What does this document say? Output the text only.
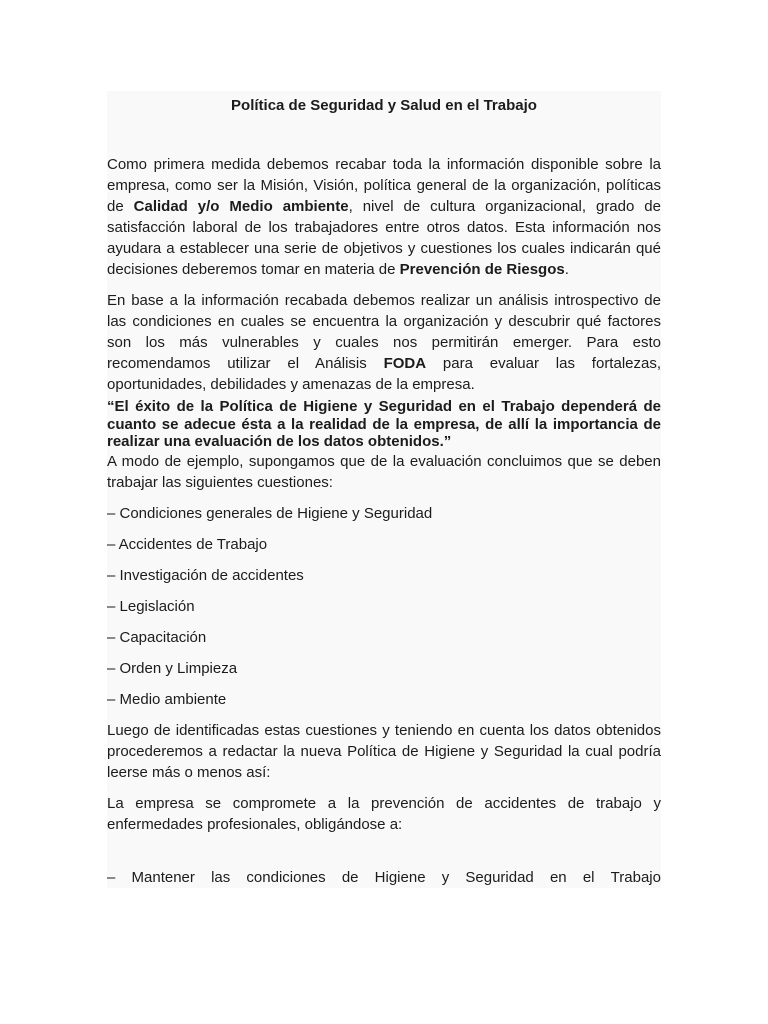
Política de Seguridad y Salud en el Trabajo

Como primera medida debemos recabar toda la información disponible sobre la empresa, como ser la Misión, Visión, política general de la organización, políticas de Calidad y/o Medio ambiente, nivel de cultura organizacional, grado de satisfacción laboral de los trabajadores entre otros datos. Esta información nos ayudara a establecer una serie de objetivos y cuestiones los cuales indicarán qué decisiones deberemos tomar en materia de Prevención de Riesgos.

En base a la información recabada debemos realizar un análisis introspectivo de las condiciones en cuales se encuentra la organización y descubrir qué factores son los más vulnerables y cuales nos permitirán emerger. Para esto recomendamos utilizar el Análisis FODA para evaluar las fortalezas, oportunidades, debilidades y amenazas de la empresa.

“El éxito de la Política de Higiene y Seguridad en el Trabajo dependerá de cuanto se adecue ésta a la realidad de la empresa, de allí la importancia de realizar una evaluación de los datos obtenidos.”

A modo de ejemplo, supongamos que de la evaluación concluimos que se deben trabajar las siguientes cuestiones:

– Condiciones generales de Higiene y Seguridad

– Accidentes de Trabajo

– Investigación de accidentes

– Legislación

– Capacitación

– Orden y Limpieza

– Medio ambiente

Luego de identificadas estas cuestiones y teniendo en cuenta los datos obtenidos procederemos a redactar la nueva Política de Higiene y Seguridad la cual podría leerse más o menos así:

La empresa se compromete a la prevención de accidentes de trabajo y enfermedades profesionales, obligándose a:

– Mantener las condiciones de Higiene y Seguridad en el Trabajo
